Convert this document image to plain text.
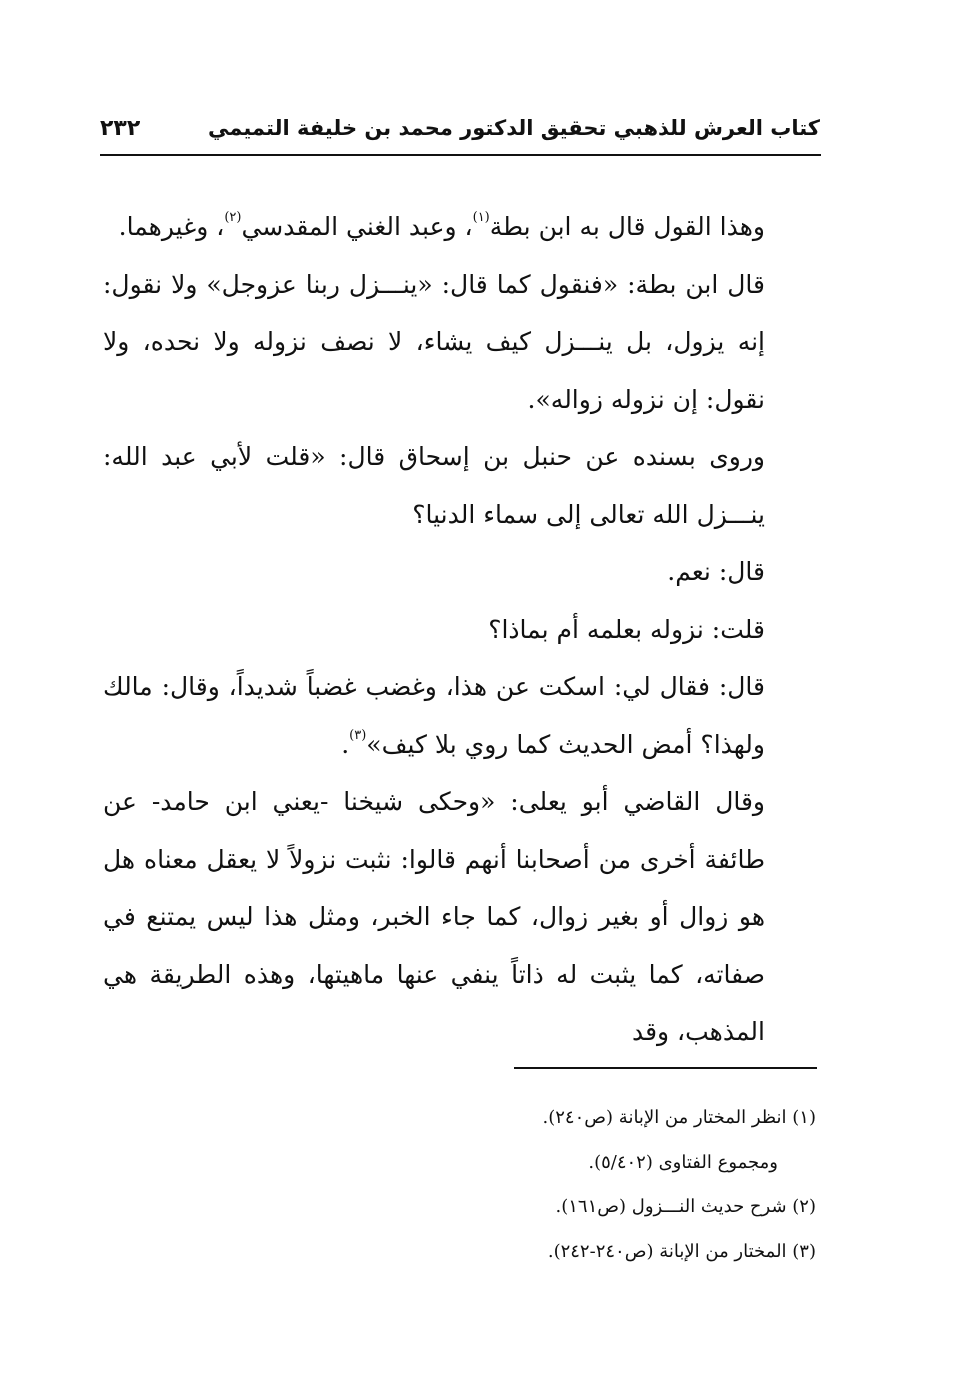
كتاب العرش للذهبي تحقيق الدكتور محمد بن خليفة التميمي
٢٣٢

وهذا القول قال به ابن بطة$^{(١)}$، وعبد الغني المقدسي$^{(٢)}$، وغيرهما.

قال ابن بطة: «فنقول كما قال: «ينـــزل ربنا عزوجل» ولا نقول: إنه يزول، بل ينـــزل كيف يشاء، لا نصف نزوله ولا نحده، ولا نقول: إن نزوله زواله».

وروى بسنده عن حنبل بن إسحاق قال: «قلت لأبي عبد الله: ينـــزل الله تعالى إلى سماء الدنيا؟

قال: نعم.

قلت: نزوله بعلمه أم بماذا؟

قال: فقال لي: اسكت عن هذا، وغضب غضباً شديداً، وقال: مالك ولهذا؟ أمض الحديث كما روي بلا كيف»$^{(٣)}$.

وقال القاضي أبو يعلى: «وحكى شيخنا -يعني ابن حامد- عن طائفة أخرى من أصحابنا أنهم قالوا: نثبت نزولاً لا يعقل معناه هل هو زوال أو بغير زوال، كما جاء الخبر، ومثل هذا ليس يمتنع في صفاته، كما يثبت له ذاتاً ينفي عنها ماهيتها، وهذه الطريقة هي المذهب، وقد

(١) انظر المختار من الإبانة (ص٢٤٠).

ومجموع الفتاوى (٥/٤٠٢).

(٢) شرح حديث النـــزول (ص١٦١).

(٣) المختار من الإبانة (ص٢٤٠-٢٤٢).
